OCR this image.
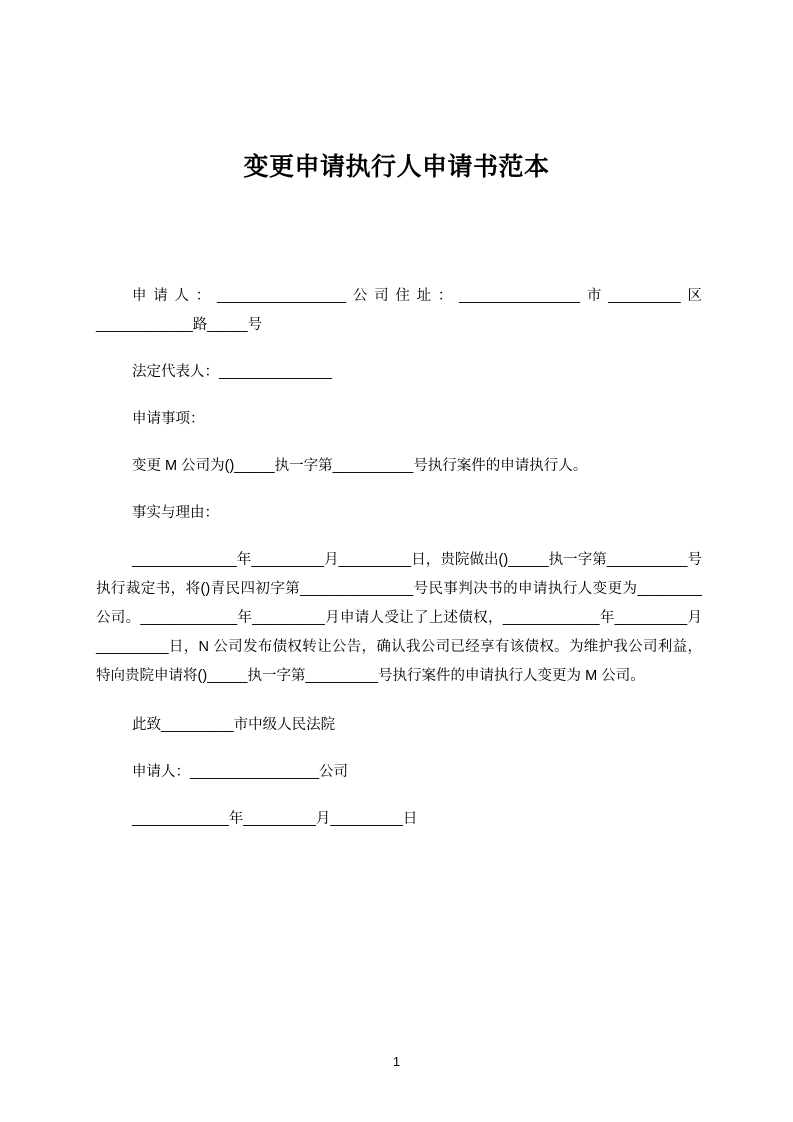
变更申请执行人申请书范本

申请人：________________公司住址：_______________市_________区____________路_____号

法定代表人：______________

申请事项：

变更 M 公司为()_____执一字第__________号执行案件的申请执行人。

事实与理由：

_____________年_________月_________日，贵院做出()_____执一字第__________号执行裁定书，将()青民四初字第______________号民事判决书的申请执行人变更为________公司。____________年_________月申请人受让了上述债权，____________年_________月_________日，N 公司发布债权转让公告，确认我公司已经享有该债权。为维护我公司利益，特向贵院申请将()_____执一字第_________号执行案件的申请执行人变更为 M 公司。

此致_________市中级人民法院

申请人：________________公司

____________年_________月_________日

1
